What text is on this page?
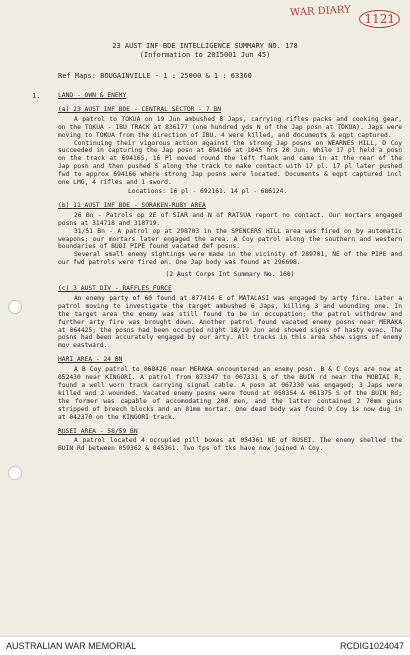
WAR DIARY
1121
23 AUST INF BDE INTELLIGENCE SUMMARY NO. 178
(Information to 2015001 Jun 45)
Ref Maps: BOUGAINVILLE - 1 : 25000 & 1 : 63360
1.	LAND - OWN & ENEMY
(a) 23 AUST INF BDE - CENTRAL SECTOR - 7 BN

A patrol to TOKUA on 19 Jun ambushed 8 Japs, carrying rifles packs and cooking gear, on the TOKUA - IBU TRACK at 836177 (one hundred yds N of the Jap posn at TOKUA). Japs were moving to TOKUA from the direction of IBU. 4 were killed, and documents & eqpt captured.

Continuing their vigorous action against the strong Jap posns on WEARNES HILL, D Coy succeeded in capturing the Jap posn at 694166 at 1045 hrs 20 Jun. While 17 pl held a posn on the track at 694165, 16 Pl moved round the left flank and came in at the rear of the Jap posn and then pushed S along the track to make contact with 17 pl. 17 pl later pushed fwd to approx 694166 where strong Jap posns were located. Documents & eqpt captured incl one LMG, 4 rifles and 1 sword.

Locations: 16 pl - 692161. 14 pl - 686124.

(b) 11 AUST INF BDE - SORAKEN-RUBY AREA

26 Bn - Patrols op 2E of SIAR and N of RATSUA report no contact. Our mortars engaged posns at 314718 and 318719.

31/51 Bn - A patrol op at 298703 in the SPENCERS HILL area was fired on by automatic weapons; our mortars later engaged the area. A Coy patrol along the southern and western boundaries of BUOI PIPE found vacated def posns.

Several small enemy sightings were made in the vicinity of 289701, NE of the PIPE and our fwd patrols were fired on. One Jap body was found at 296698.

(2 Aust Corps Int Summary No. 160)
(c) 3 AUST DIV - RAFFLES FORCE

An enemy party of 60 found at 077414 E of MATALASI was engaged by arty fire. Later a patrol moving to investigate the target ambushed 6 Japs, killing 3 and wounding one. In the target area the enemy was still found to be in occupation; the patrol withdrew and further arty fire was brought down. Another patrol found vacated enemy posns near MERAKA at 064425; the posns had been occupied night 18/19 Jun and showed signs of hasty evac. The posns had been accurately engaged by our arty. All tracks in this area show signs of enemy mov eastward.

HARI AREA - 24 BN

A B Coy patrol to 068426 near MERAKA encountered an enemy posn. B & C Coys are now at 052430 near KINGORI. A patrol from 073347 to 067331 S of the BUIN rd near the MOBIAI R, found a well worn track carrying signal cable. A posn at 067330 was engaged; 3 Japs were killed and 2 wounded. Vacated enemy posns were found at 058354 & 061375 S of the BUIN Rd; the former was capable of accomodating 200 men, and the latter contained 2 70mm guns stripped of breech blocks and an 81mm mortar. One dead body was found D Coy is now dug in at 042370 on the KINGORI track.

RUSEI AREA - 58/59 BN

A patrol located 4 occupied pill boxes at 054361 NE of RUSEI. The enemy shelled the BUIN Rd between 059362 & 045361. Two tps of tks have now joined A Coy.

AUSTRALIAN WAR MEMORIAL	RCDIG1024047
